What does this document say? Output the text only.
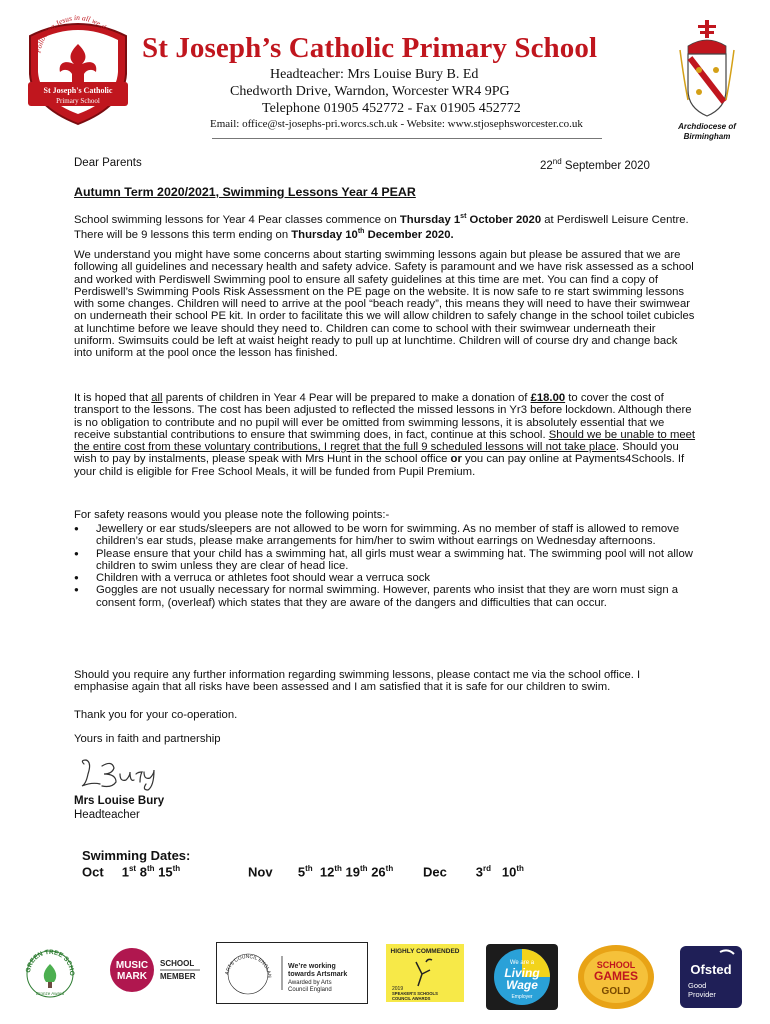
Following Jesus in all we do
St Joseph's Catholic
Primary School
St Joseph’s Catholic Primary School
Headteacher: Mrs Louise Bury B. Ed
Chedworth Drive, Warndon, Worcester WR4 9PG
Telephone 01905 452772 - Fax 01905 452772
Email: office@st-josephs-pri.worcs.sch.uk - Website: www.stjosephsworcester.co.uk	Archdiocese of Birmingham
Dear Parents	22nd September 2020
Autumn Term 2020/2021, Swimming Lessons Year 4 PEAR

School swimming lessons for Year 4 Pear classes commence on Thursday 1st October 2020 at Perdiswell Leisure Centre. There will be 9 lessons this term ending on Thursday 10th December 2020.

We understand you might have some concerns about starting swimming lessons again but please be assured that we are following all guidelines and necessary health and safety advice. Safety is paramount and we have risk assessed as a school and worked with Perdiswell Swimming pool to ensure all safety guidelines at this time are met. You can find a copy of Perdiswell’s Swimming Pools Risk Assessment on the PE page on the website. It is now safe to re start swimming lessons with some changes. Children will need to arrive at the pool “beach ready”, this means they will need to have their swimwear on underneath their school PE kit. In order to facilitate this we will allow children to safely change in the school toilet cubicles at lunchtime before we leave should they need to. Children can come to school with their swimwear underneath their uniform. Swimsuits could be left at waist height ready to pull up at lunchtime. Children will of course dry and change back into uniform at the pool once the lesson has finished.

It is hoped that all parents of children in Year 4 Pear will be prepared to make a donation of £18.00 to cover the cost of transport to the lessons. The cost has been adjusted to reflected the missed lessons in Yr3 before lockdown. Although there is no obligation to contribute and no pupil will ever be omitted from swimming lessons, it is absolutely essential that we receive substantial contributions to ensure that swimming does, in fact, continue at this school. Should we be unable to meet the entire cost from these voluntary contributions, I regret that the full 9 scheduled lessons will not take place. Should you wish to pay by instalments, please speak with Mrs Hunt in the school office or you can pay online at Payments4Schools. If your child is eligible for Free School Meals, it will be funded from Pupil Premium.

For safety reasons would you please note the following points:-

● Jewellery or ear studs/sleepers are not allowed to be worn for swimming. As no member of staff is allowed to remove children’s ear studs, please make arrangements for him/her to swim without earrings on Wednesday afternoons.
● Please ensure that your child has a swimming hat, all girls must wear a swimming hat. The swimming pool will not allow children to swim unless they are clear of head lice.
● Children with a verruca or athletes foot should wear a verruca sock
● Goggles are not usually necessary for normal swimming. However, parents who insist that they are worn must sign a consent form, (overleaf) which states that they are aware of the dangers and difficulties that can occur.

Should you require any further information regarding swimming lessons, please contact me via the school office. I emphasise again that all risks have been assessed and I am satisfied that it is safe for our children to swim.

Thank you for your co-operation.

Yours in faith and partnership

Mrs Louise Bury
Headteacher
Swimming Dates:
Oct 1st 8th 15th	Nov 5th 12th 19th 26th Dec 3rd 10th
GREEN TREE SCHO
Bronze Award
MUSIC
MARK
SCHOOL
MEMBER	ARTS COUNCIL ENGLAN
We’re working
towards Artsmark
Awarded by Arts
Council England
HIGHLY COMMENDED
2019
SPEAKER'S SCHOOLS
COUNCIL AWARDS
We are a
Living
Wage
Employer
SCHOOL
GAMES
GOLD
Ofsted
Good
Provider
